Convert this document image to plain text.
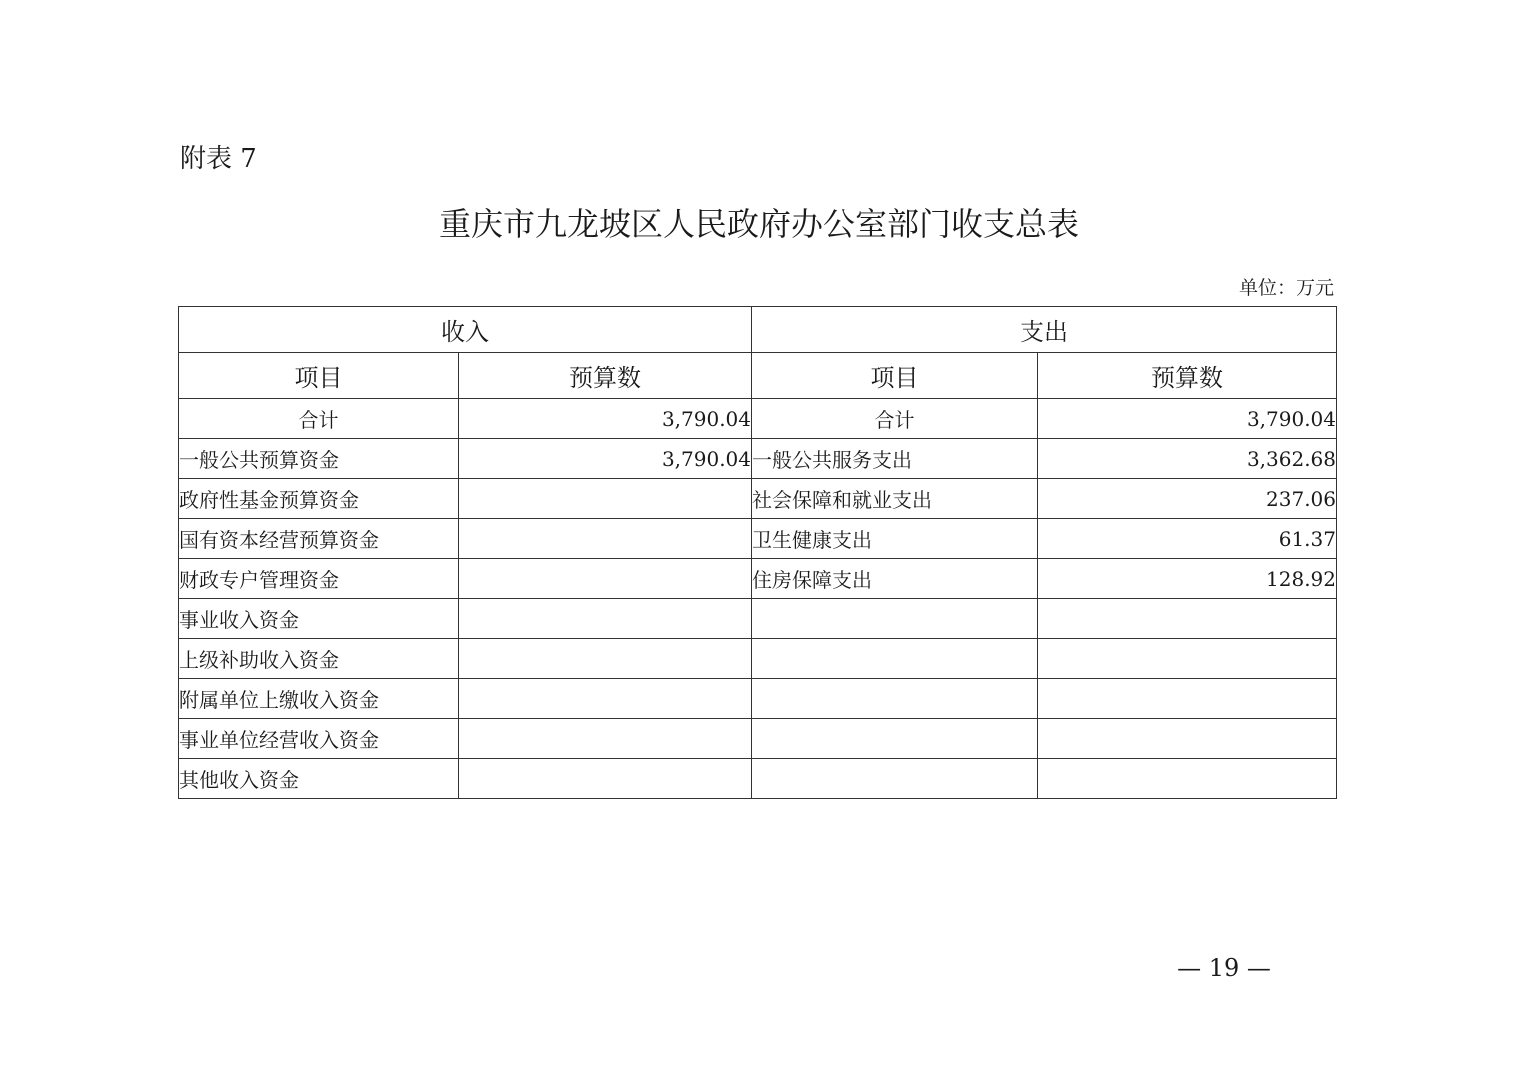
附表 7
重庆市九龙坡区人民政府办公室部门收支总表
单位：万元
收入		支出	
项目	预算数	项目	预算数
合计	3,790.04	合计	3,790.04
一般公共预算资金	3,790.04	一般公共服务支出	3,362.68
政府性基金预算资金		社会保障和就业支出	237.06
国有资本经营预算资金		卫生健康支出	61.37
财政专户管理资金		住房保障支出	128.92
事业收入资金			
上级补助收入资金			
附属单位上缴收入资金			
事业单位经营收入资金			
其他收入资金			
— 19 —
